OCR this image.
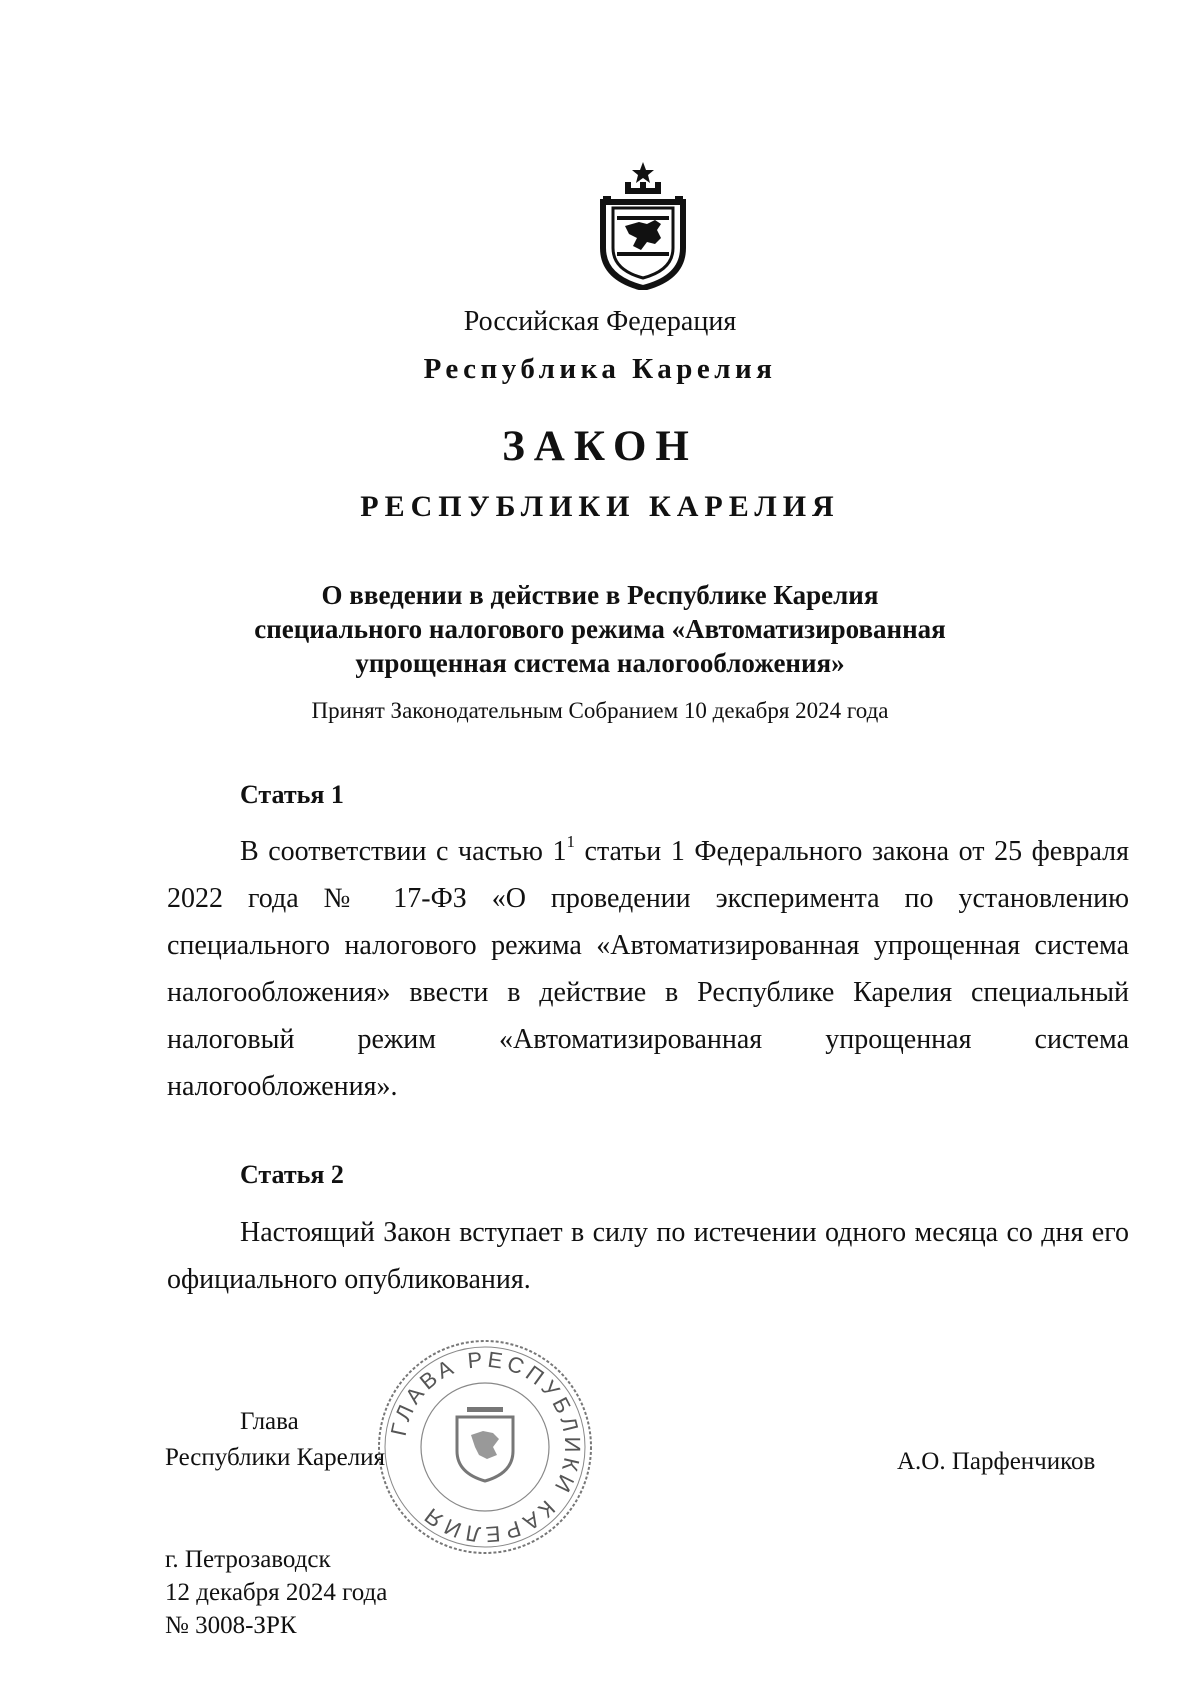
Российская Федерация
Республика Карелия
ЗАКОН
РЕСПУБЛИКИ КАРЕЛИЯ
О введении в действие в Республике Карелия
специального налогового режима «Автоматизированная
упрощенная система налогообложения»
Принят Законодательным Собранием 10 декабря 2024 года
Статья 1
В соответствии с частью $1^1$ статьи 1 Федерального закона от 25 февраля 2022 года № 17-ФЗ «О проведении эксперимента по установлению специального налогового режима «Автоматизированная упрощенная система налогообложения» ввести в действие в Республике Карелия специальный налоговый режим «Автоматизированная упрощенная система налогообложения».
Статья 2
Настоящий Закон вступает в силу по истечении одного месяца со дня его официального опубликования.
ГЛАВА РЕСПУБЛИКИ КАРЕЛИЯ
Глава
Республики Карелия	А.О. Парфенчиков
г. Петрозаводск
12 декабря 2024 года
№ 3008-ЗРК
